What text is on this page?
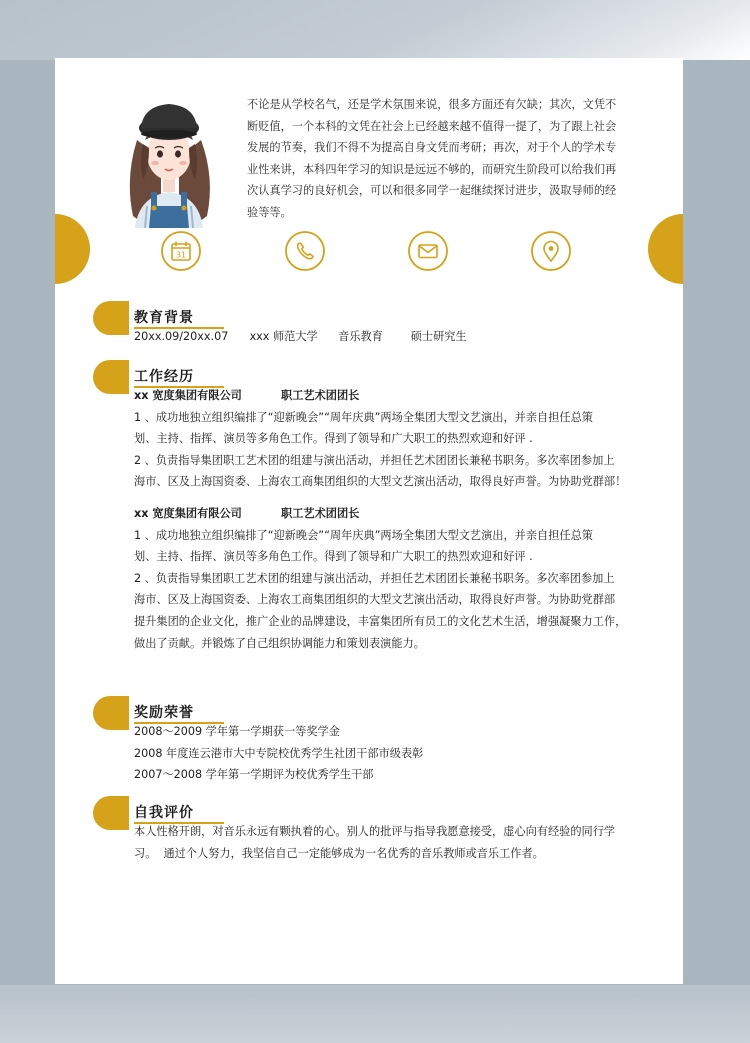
不论是从学校名气，还是学术氛围来说，很多方面还有欠缺；其次，文凭不
断贬值，一个本科的文凭在社会上已经越来越不值得一提了，为了跟上社会
发展的节奏，我们不得不为提高自身文凭而考研；再次，对于个人的学术专
业性来讲，本科四年学习的知识是远远不够的，而研究生阶段可以给我们再
次认真学习的良好机会，可以和很多同学一起继续探讨进步，汲取导师的经
验等等。
31
教育背景
20xx.09/20xx.07 xxx 师范大学 音乐教育 硕士研究生
工作经历
xx 宽度集团有限公司	职工艺术团团长
1 、成功地独立组织编排了“迎新晚会”“周年庆典”两场全集团大型文艺演出，并亲自担任总策
划、主持、指挥、演员等多角色工作。得到了领导和广大职工的热烈欢迎和好评 .
2 、负责指导集团职工艺术团的组建与演出活动，并担任艺术团团长兼秘书职务。多次率团参加上
海市、区及上海国资委、上海农工商集团组织的大型文艺演出活动，取得良好声誉。为协助党群部！
xx 宽度集团有限公司	职工艺术团团长
1 、成功地独立组织编排了“迎新晚会”“周年庆典”两场全集团大型文艺演出，并亲自担任总策
划、主持、指挥、演员等多角色工作。得到了领导和广大职工的热烈欢迎和好评 .
2 、负责指导集团职工艺术团的组建与演出活动，并担任艺术团团长兼秘书职务。多次率团参加上
海市、区及上海国资委、上海农工商集团组织的大型文艺演出活动，取得良好声誉。为协助党群部
提升集团的企业文化，推广企业的品牌建设，丰富集团所有员工的文化艺术生活，增强凝聚力工作，
做出了贡献。并锻炼了自己组织协调能力和策划表演能力。
奖励荣誉
2008～2009 学年第一学期获一等奖学金
2008 年度连云港市大中专院校优秀学生社团干部市级表彰
2007～2008 学年第一学期评为校优秀学生干部
自我评价
本人性格开朗，对音乐永远有颗执着的心。别人的批评与指导我愿意接受，虚心向有经验的同行学
习。  通过个人努力，我坚信自己一定能够成为一名优秀的音乐教师或音乐工作者。
